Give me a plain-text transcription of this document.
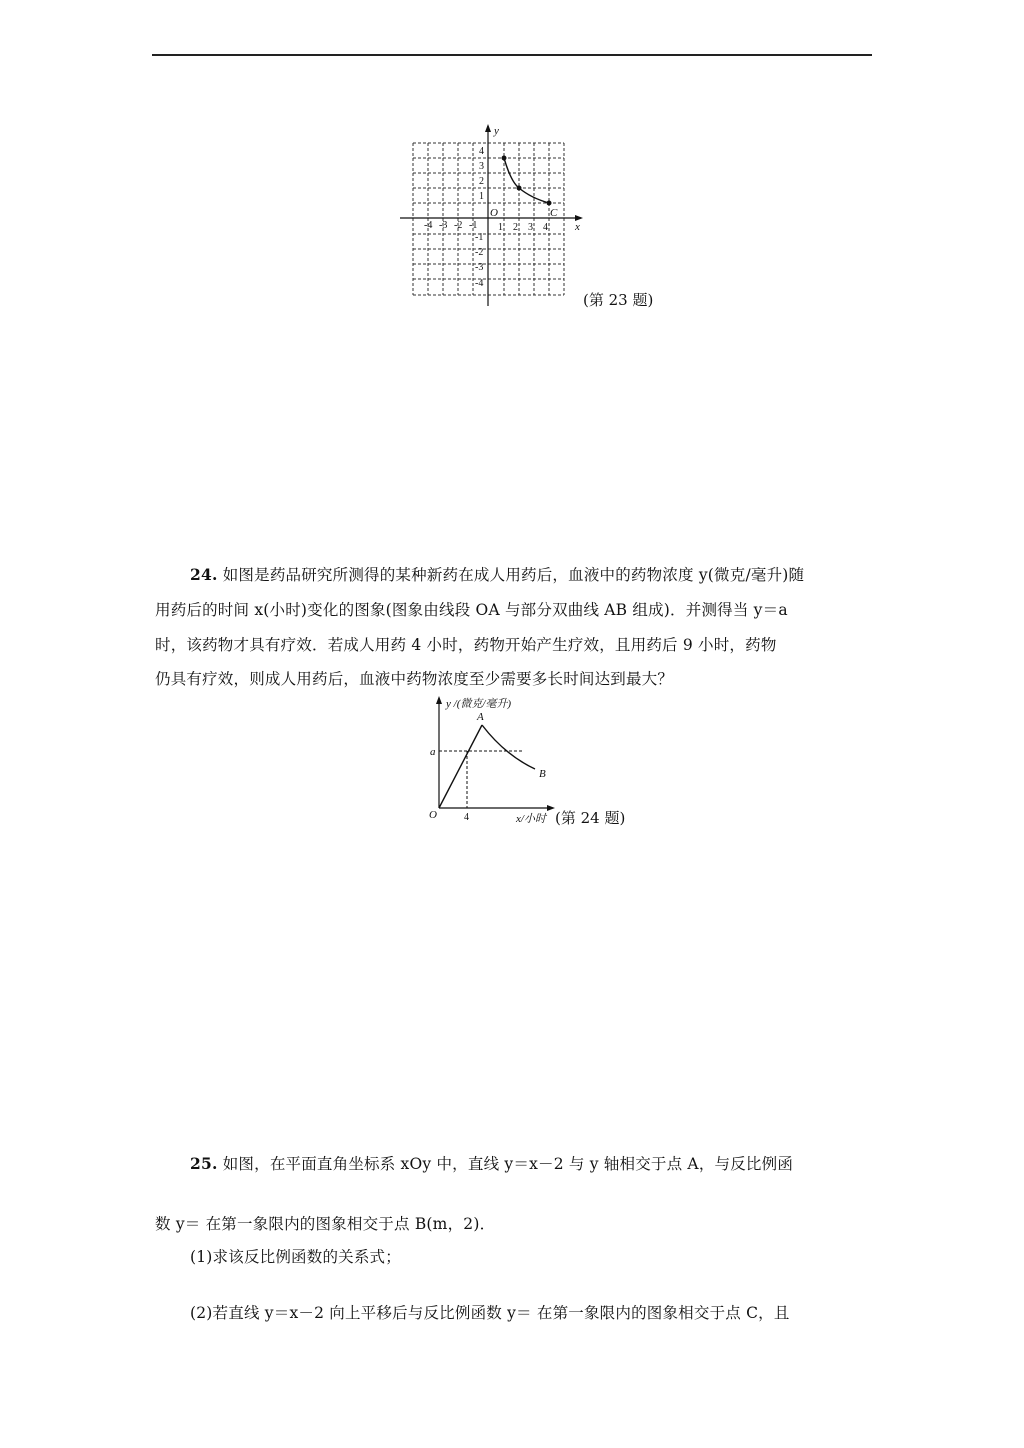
y
x
O	C
-4 -3 -2 -1 1 2 3 4
4
3
2
1
-1
-2
-3
-4
(第 23 题)
24. 如图是药品研究所测得的某种新药在成人用药后，血液中的药物浓度 y(微克/毫升)随
用药后的时间 x(小时)变化的图象(图象由线段 OA 与部分双曲线 AB 组成)．并测得当 y＝a
时，该药物才具有疗效．若成人用药 4 小时，药物开始产生疗效，且用药后 9 小时，药物
仍具有疗效，则成人用药后，血液中药物浓度至少需要多长时间达到最大？
y /(微克/毫升)
A
a
B
O	4	x/小时 (第 24 题)
25. 如图，在平面直角坐标系 xOy 中，直线 y＝x－2 与 y 轴相交于点 A，与反比例函
数 y＝ 在第一象限内的图象相交于点 B(m，2)．
(1)求该反比例函数的关系式；
(2)若直线 y＝x－2 向上平移后与反比例函数 y＝ 在第一象限内的图象相交于点 C，且
